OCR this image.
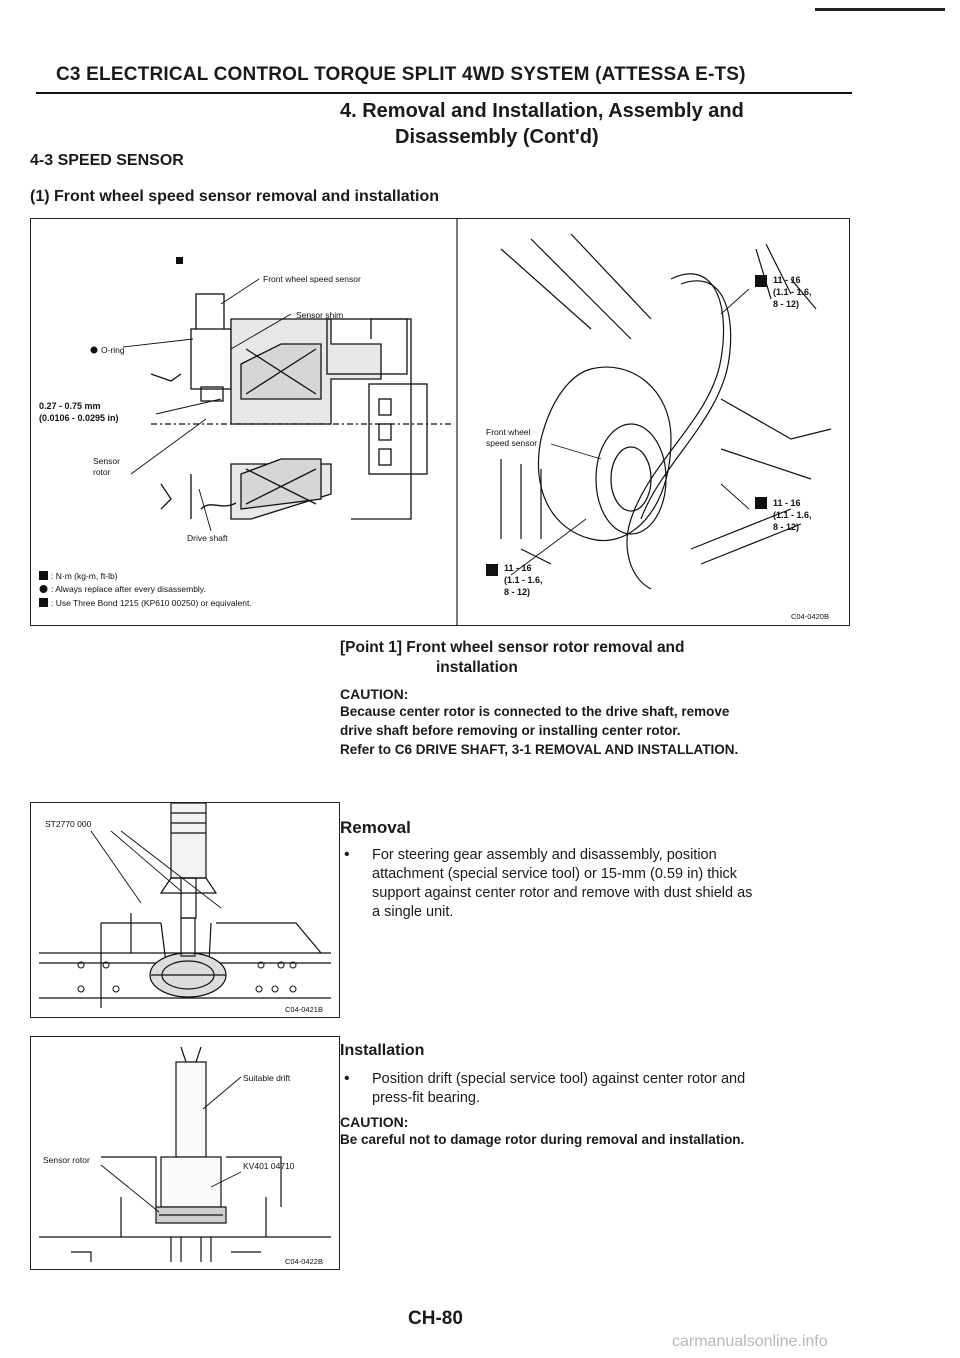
C3 ELECTRICAL CONTROL TORQUE SPLIT 4WD SYSTEM (ATTESSA E-TS)
4. Removal and Installation, Assembly and
Disassembly (Cont'd)
4-3 SPEED SENSOR
(1) Front wheel speed sensor removal and installation
Front wheel speed sensor
Sensor shim
O-ring
0.27 - 0.75 mm
(0.0106 - 0.0295 in)
Sensor
rotor
Drive shaft
: N·m (kg-m, ft-lb)
: Always replace after every disassembly.
: Use Three Bond 1215 (KP610 00250) or equivalent.
11 - 16
(1.1 - 1.6,
8 - 12)
11 - 16
(1.1 - 1.6,
8 - 12)
11 - 16
(1.1 - 1.6,
8 - 12)
Front wheel
speed sensor
C04-0420B
[Point 1] Front wheel sensor rotor removal and
installation
CAUTION:
Because center rotor is connected to the drive shaft, remove
drive shaft before removing or installing center rotor.
Refer to C6 DRIVE SHAFT, 3-1 REMOVAL AND INSTALLATION.
ST2770 000
C04-0421B
Removal
•	For steering gear assembly and disassembly, position
attachment (special service tool) or 15-mm (0.59 in) thick
support against center rotor and remove with dust shield as
a single unit.
Suitable drift
Sensor rotor
KV401 04710
C04-0422B
Installation
•	Position drift (special service tool) against center rotor and
press-fit bearing.
CAUTION:
Be careful not to damage rotor during removal and installation.
CH-80
carmanualsonline.info
